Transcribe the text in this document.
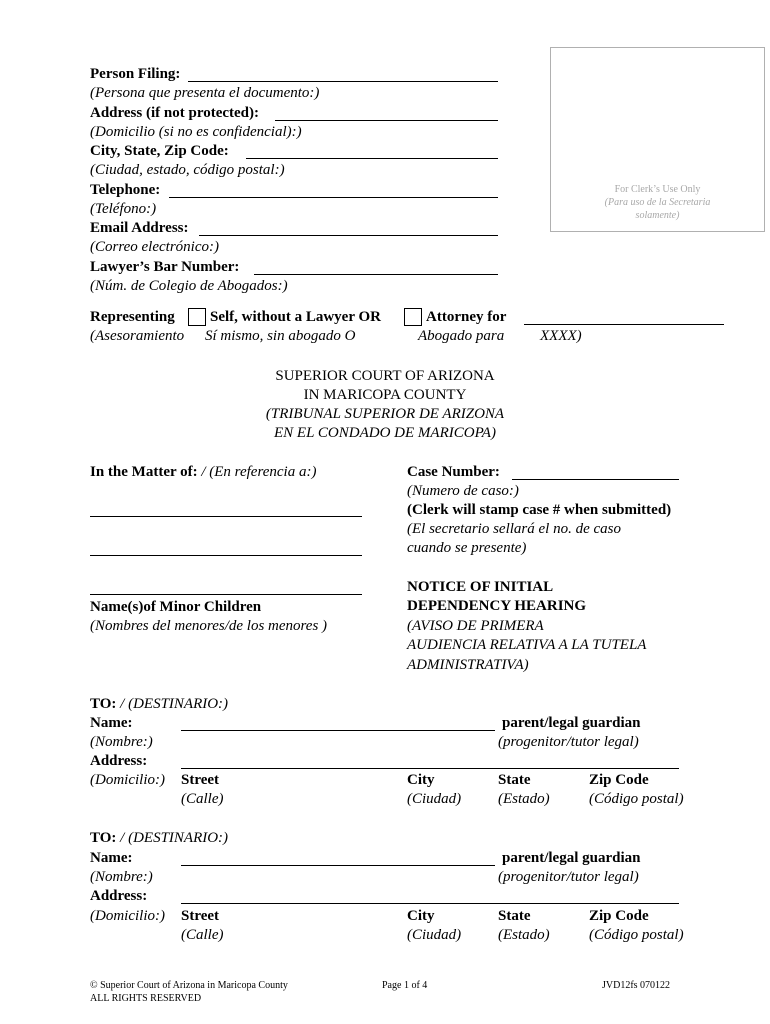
Person Filing:
(Persona que presenta el documento:)
Address (if not protected):
(Domicilio (si no es confidencial):)
City, State, Zip Code:
(Ciudad, estado, código postal:)
Telephone:
(Teléfono:)
Email Address:
(Correo electrónico:)
Lawyer’s Bar Number:
(Núm. de Colegio de Abogados:)
For Clerk’s Use Only
(Para uso de la Secretaria
solamente)
Representing Self, without a Lawyer OR	Attorney for
(Asesoramiento Sí mismo, sin abogado O	Abogado para XXXX)
SUPERIOR COURT OF ARIZONA
IN MARICOPA COUNTY
(TRIBUNAL SUPERIOR DE ARIZONA
EN EL CONDADO DE MARICOPA)
In the Matter of: / (En referencia a:)
Name(s)of Minor Children
(Nombres del menores/de los menores )
Case Number:
(Numero de caso:)
(Clerk will stamp case # when submitted)
(El secretario sellará el no. de caso
cuando se presente)
NOTICE OF INITIAL
DEPENDENCY HEARING
(AVISO DE PRIMERA
AUDIENCIA RELATIVA A LA TUTELA
ADMINISTRATIVA)
TO: / (DESTINARIO:)
Name:	parent/legal guardian
(Nombre:)	(progenitor/tutor legal)
Address:
(Domicilio:) Street	City	State	Zip Code
(Calle)	(Ciudad) (Estado)	(Código postal)
TO: / (DESTINARIO:)
Name:	parent/legal guardian
(Nombre:)	(progenitor/tutor legal)
Address:
(Domicilio:) Street	City	State	Zip Code
(Calle)	(Ciudad) (Estado)	(Código postal)
© Superior Court of Arizona in Maricopa County
ALL RIGHTS RESERVED
Page 1 of 4	JVD12fs 070122
